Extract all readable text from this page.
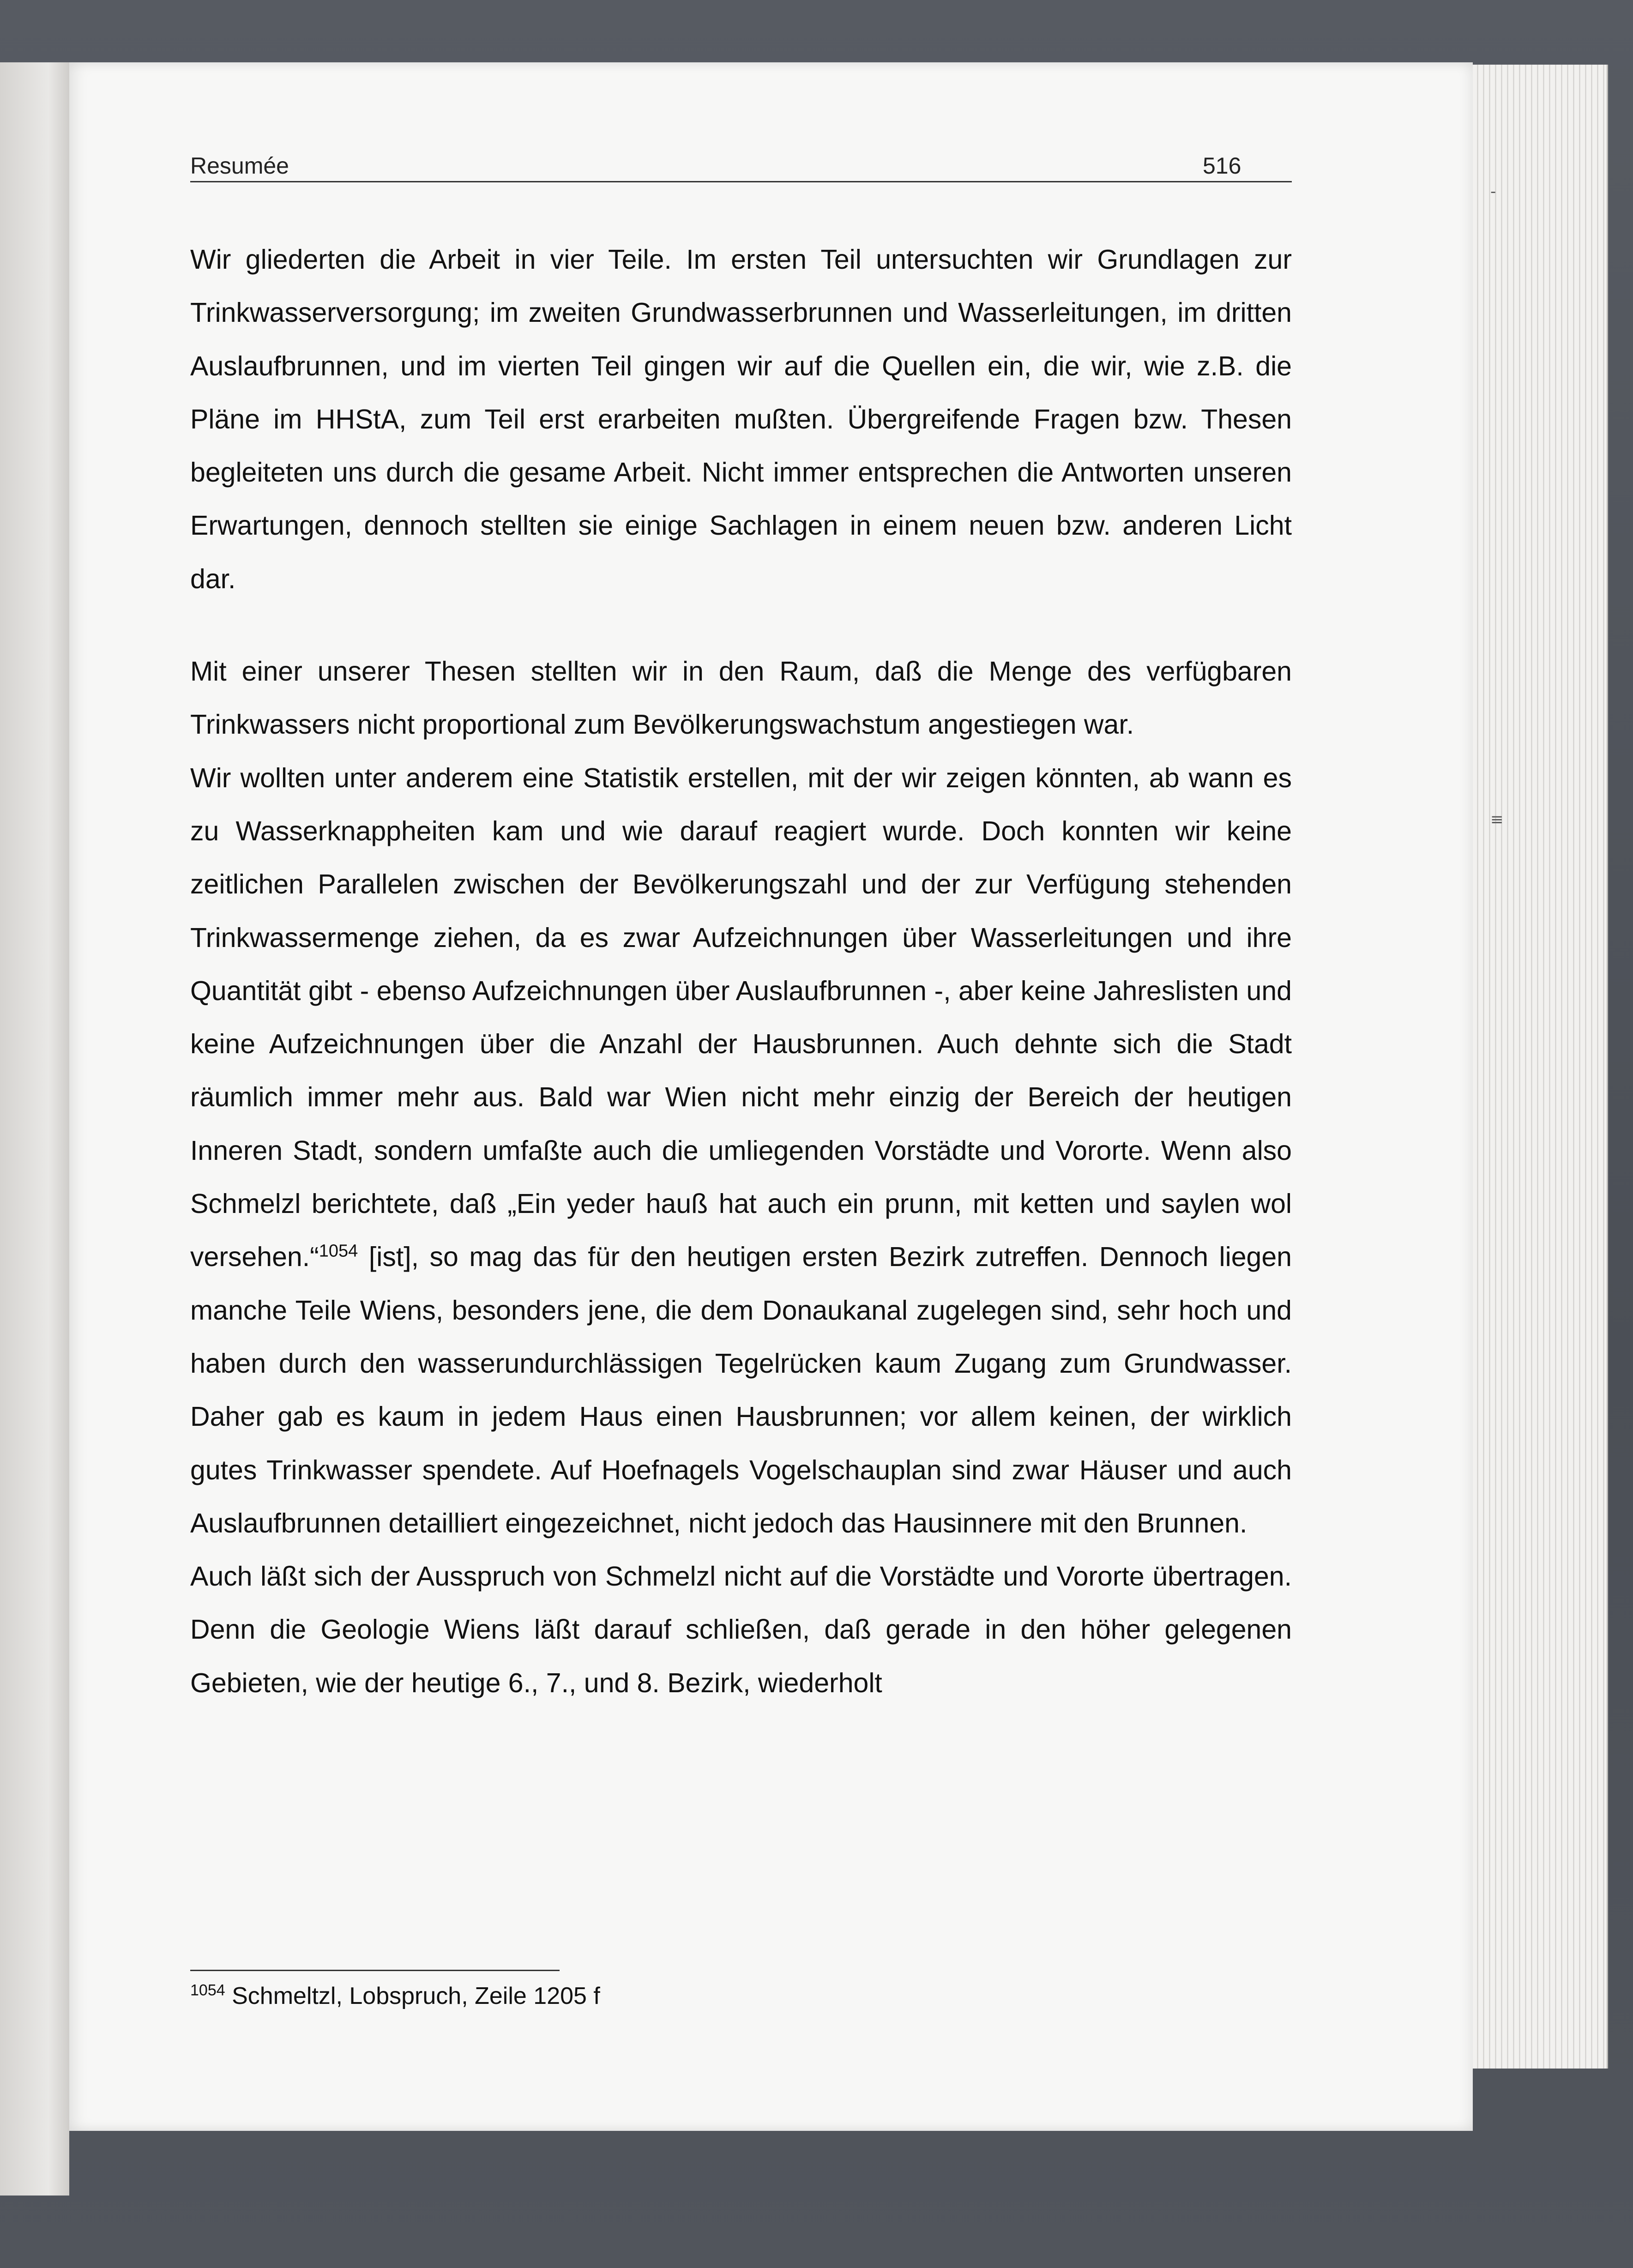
Resumée	516

Wir gliederten die Arbeit in vier Teile. Im ersten Teil untersuchten wir Grundlagen zur Trinkwasserversorgung; im zweiten Grundwasserbrunnen und Wasserleitungen, im dritten Auslaufbrunnen, und im vierten Teil gingen wir auf die Quellen ein, die wir, wie z.B. die Pläne im HHStA, zum Teil erst erarbeiten mußten. Übergreifende Fragen bzw. Thesen begleiteten uns durch die gesame Arbeit. Nicht immer entsprechen die Antworten unseren Erwartungen, dennoch stellten sie einige Sachlagen in einem neuen bzw. anderen Licht dar.

Mit einer unserer Thesen stellten wir in den Raum, daß die Menge des verfügbaren Trinkwassers nicht proportional zum Bevölkerungswachstum angestiegen war.

Wir wollten unter anderem eine Statistik erstellen, mit der wir zeigen könnten, ab wann es zu Wasserknappheiten kam und wie darauf reagiert wurde. Doch konnten wir keine zeitlichen Parallelen zwischen der Bevölkerungszahl und der zur Verfügung stehenden Trinkwassermenge ziehen, da es zwar Aufzeichnungen über Wasserleitungen und ihre Quantität gibt - ebenso Aufzeichnungen über Auslaufbrunnen -, aber keine Jahreslisten und keine Aufzeichnungen über die Anzahl der Hausbrunnen. Auch dehnte sich die Stadt räumlich immer mehr aus. Bald war Wien nicht mehr einzig der Bereich der heutigen Inneren Stadt, sondern umfaßte auch die umliegenden Vorstädte und Vororte. Wenn also Schmelzl berichtete, daß „Ein yeder hauß hat auch ein prunn, mit ketten und saylen wol versehen.“$^{1054}$ [ist], so mag das für den heutigen ersten Bezirk zutreffen. Dennoch liegen manche Teile Wiens, besonders jene, die dem Donaukanal zugelegen sind, sehr hoch und haben durch den wasserundurchlässigen Tegelrücken kaum Zugang zum Grundwasser. Daher gab es kaum in jedem Haus einen Hausbrunnen; vor allem keinen, der wirklich gutes Trinkwasser spendete. Auf Hoefnagels Vogelschauplan sind zwar Häuser und auch Auslaufbrunnen detailliert eingezeichnet, nicht jedoch das Hausinnere mit den Brunnen.

Auch läßt sich der Ausspruch von Schmelzl nicht auf die Vorstädte und Vororte übertragen. Denn die Geologie Wiens läßt darauf schließen, daß gerade in den höher gelegenen Gebieten, wie der heutige 6., 7., und 8. Bezirk, wiederholt

$^{1054}$ Schmeltzl, Lobspruch, Zeile 1205 f
-
≡
